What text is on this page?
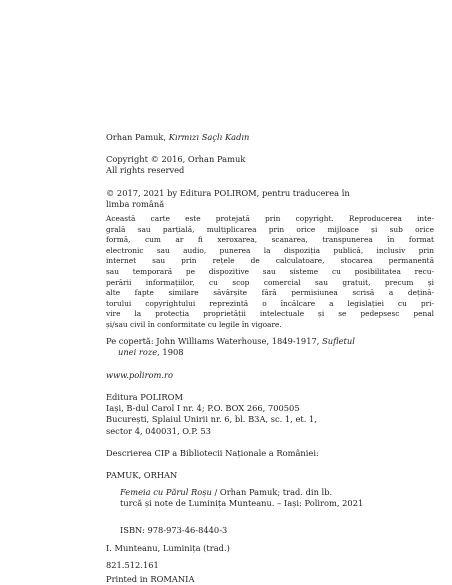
Orhan Pamuk, Kırmızı Saçlı Kadın
Copyright © 2016, Orhan Pamuk
All rights reserved
© 2017, 2021 by Editura POLIROM, pentru traducerea în
limba română
Această carte este protejată prin copyright. Reproducerea inte-
grală sau parțială, multiplicarea prin orice mijloace și sub orice
formă, cum ar fi xeroxarea, scanarea, transpunerea în format
electronic sau audio, punerea la dispoziția publică, inclusiv prin
internet sau prin rețele de calculatoare, stocarea permanentă
sau temporară pe dispozitive sau sisteme cu posibilitatea recu-
perării informațiilor, cu scop comercial sau gratuit, precum și
alte fapte similare săvârșite fără permisiunea scrisă a dețină-
torului copyrightului reprezintă o încălcare a legislației cu pri-
vire la protecția proprietății intelectuale și se pedepsesc penal
și/sau civil în conformitate cu legile în vigoare.
Pe copertă: John Williams Waterhouse, 1849-1917, Sufletul
unei roze, 1908
www.polirom.ro
Editura POLIROM
Iași, B-dul Carol I nr. 4; P.O. BOX 266, 700505
București, Splaiul Unirii nr. 6, bl. B3A, sc. 1, et. 1,
sector 4, 040031, O.P. 53
Descrierea CIP a Bibliotecii Naționale a României:
PAMUK, ORHAN
Femeia cu Părul Roșu / Orhan Pamuk; trad. din lb.
turcă și note de Luminița Munteanu. – Iași: Polirom, 2021
ISBN: 978-973-46-8440-3
I. Munteanu, Luminița (trad.)
821.512.161
Printed in ROMANIA
